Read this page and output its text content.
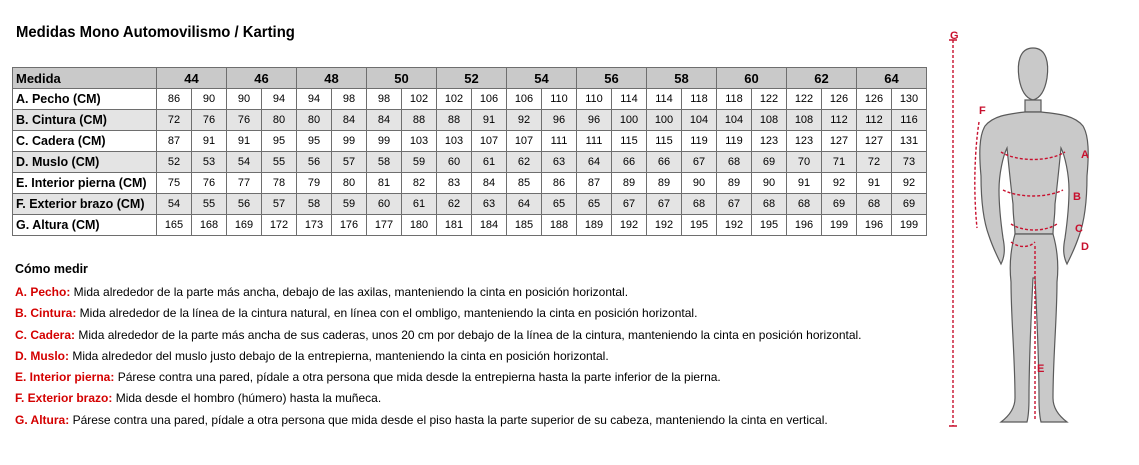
Medidas Mono Automovilismo / Karting
Medida	44		46		48		50		52		54		56		58		60		62		64	
A. Pecho (CM)	86	90	90	94	94	98	98	102	102	106	106	110	110	114	114	118	118	122	122	126	126	130
B. Cintura (CM)	72	76	76	80	80	84	84	88	88	91	92	96	96	100	100	104	104	108	108	112	112	116
C. Cadera (CM)	87	91	91	95	95	99	99	103	103	107	107	111	111	115	115	119	119	123	123	127	127	131
D. Muslo (CM)	52	53	54	55	56	57	58	59	60	61	62	63	64	66	66	67	68	69	70	71	72	73
E. Interior pierna (CM)	75	76	77	78	79	80	81	82	83	84	85	86	87	89	89	90	89	90	91	92	91	92
F. Exterior brazo (CM)	54	55	56	57	58	59	60	61	62	63	64	65	65	67	67	68	67	68	68	69	68	69
G. Altura (CM)	165	168	169	172	173	176	177	180	181	184	185	188	189	192	192	195	192	195	196	199	196	199
Cómo medir
A. Pecho: Mida alrededor de la parte más ancha, debajo de las axilas, manteniendo la cinta en posición horizontal.
B. Cintura: Mida alrededor de la línea de la cintura natural, en línea con el ombligo, manteniendo la cinta en posición horizontal.
C. Cadera: Mida alrededor de la parte más ancha de sus caderas, unos 20 cm por debajo de la línea de la cintura, manteniendo la cinta en posición horizontal.
D. Muslo: Mida alrededor del muslo justo debajo de la entrepierna, manteniendo la cinta en posición horizontal.
E. Interior pierna: Párese contra una pared, pídale a otra persona que mida desde la entrepierna hasta la parte inferior de la pierna.
F. Exterior brazo: Mida desde el hombro (húmero) hasta la muñeca.
G. Altura: Párese contra una pared, pídale a otra persona que mida desde el piso hasta la parte superior de su cabeza, manteniendo la cinta en vertical.
G
F
A
B
C
D
E
